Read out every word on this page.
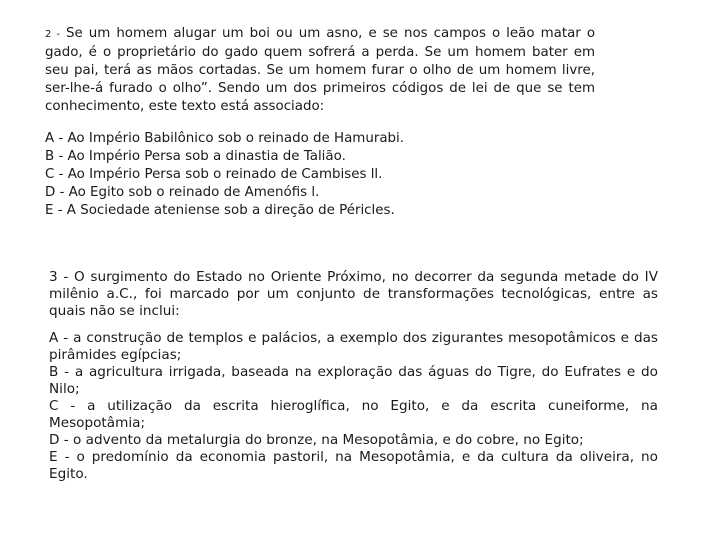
2 - Se um homem alugar um boi ou um asno, e se nos campos o leão matar o gado, é o proprietário do gado quem sofrerá a perda. Se um homem bater em seu pai, terá as mãos cortadas. Se um homem furar o olho de um homem livre, ser-lhe-á furado o olho”. Sendo um dos primeiros códigos de lei de que se tem conhecimento, este texto está associado:

A - Ao Império Babilônico sob o reinado de Hamurabi.

B - Ao Império Persa sob a dinastia de Talião.

C - Ao Império Persa sob o reinado de Cambises ll.

D - Ao Egito sob o reinado de Amenófis l.

E - A Sociedade ateniense sob a direção de Péricles.

3 - O surgimento do Estado no Oriente Próximo, no decorrer da segunda metade do IV milênio a.C., foi marcado por um conjunto de transformações tecnológicas, entre as quais não se inclui:

A - a construção de templos e palácios, a exemplo dos zigurantes mesopotâmicos e das pirâmides egípcias;

B - a agricultura irrigada, baseada na exploração das águas do Tigre, do Eufrates e do Nilo;

C - a utilização da escrita hieroglífica, no Egito, e da escrita cuneiforme, na Mesopotâmia;

D - o advento da metalurgia do bronze, na Mesopotâmia, e do cobre, no Egito;

E - o predomínio da economia pastoril, na Mesopotâmia, e da cultura da oliveira, no Egito.
